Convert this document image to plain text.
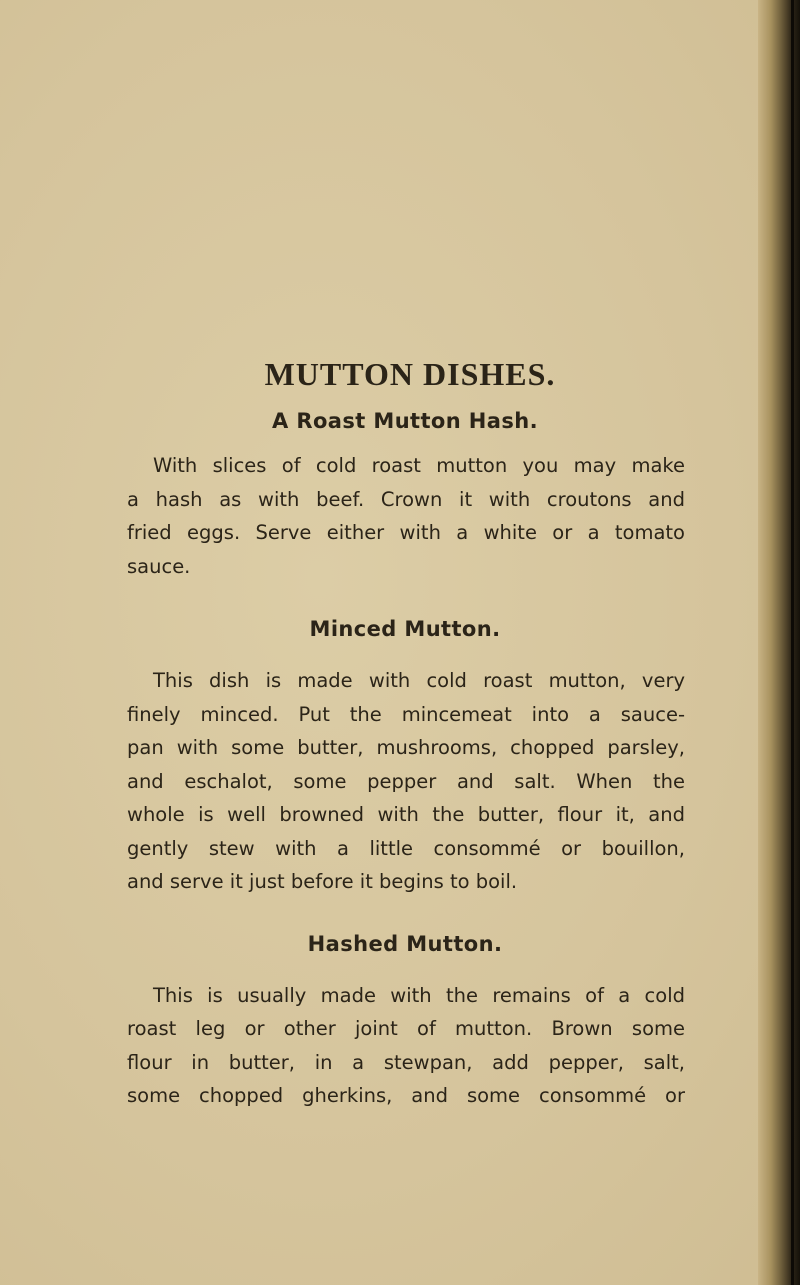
MUTTON DISHES.
A Roast Mutton Hash.

With slices of cold roast mutton you may make
a hash as with beef. Crown it with croutons and
fried eggs. Serve either with a white or a tomato
sauce.

Minced Mutton.

This dish is made with cold roast mutton, very
finely minced. Put the mincemeat into a sauce-
pan with some butter, mushrooms, chopped parsley,
and eschalot, some pepper and salt. When the
whole is well browned with the butter, flour it, and
gently stew with a little consommé or bouillon,
and serve it just before it begins to boil.

Hashed Mutton.

This is usually made with the remains of a cold
roast leg or other joint of mutton. Brown some
flour in butter, in a stewpan, add pepper, salt,
some chopped gherkins, and some consommé or
